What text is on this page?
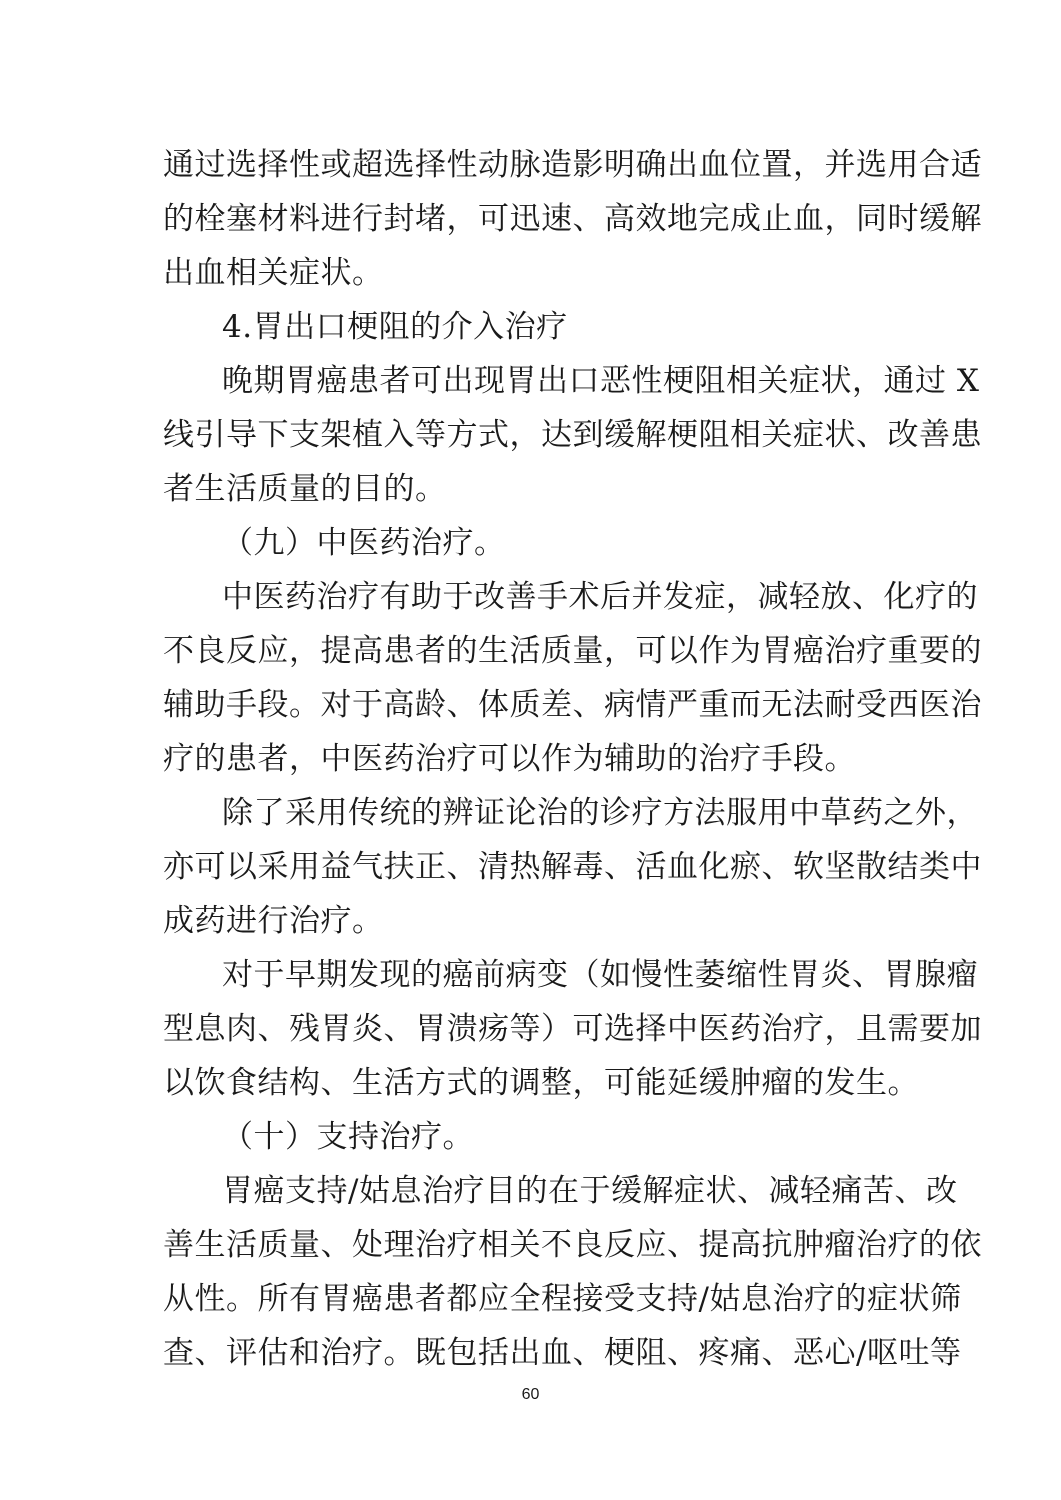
通过选择性或超选择性动脉造影明确出血位置，并选用合适
的栓塞材料进行封堵，可迅速、高效地完成止血，同时缓解
出血相关症状。
4.胃出口梗阻的介入治疗
晚期胃癌患者可出现胃出口恶性梗阻相关症状，通过 X
线引导下支架植入等方式，达到缓解梗阻相关症状、改善患
者生活质量的目的。
（九）中医药治疗。
中医药治疗有助于改善手术后并发症，减轻放、化疗的
不良反应，提高患者的生活质量，可以作为胃癌治疗重要的
辅助手段。对于高龄、体质差、病情严重而无法耐受西医治
疗的患者，中医药治疗可以作为辅助的治疗手段。
除了采用传统的辨证论治的诊疗方法服用中草药之外，
亦可以采用益气扶正、清热解毒、活血化瘀、软坚散结类中
成药进行治疗。
对于早期发现的癌前病变（如慢性萎缩性胃炎、胃腺瘤
型息肉、残胃炎、胃溃疡等）可选择中医药治疗，且需要加
以饮食结构、生活方式的调整，可能延缓肿瘤的发生。
（十）支持治疗。
胃癌支持/姑息治疗目的在于缓解症状、减轻痛苦、改
善生活质量、处理治疗相关不良反应、提高抗肿瘤治疗的依
从性。所有胃癌患者都应全程接受支持/姑息治疗的症状筛
查、评估和治疗。既包括出血、梗阻、疼痛、恶心/呕吐等
60
